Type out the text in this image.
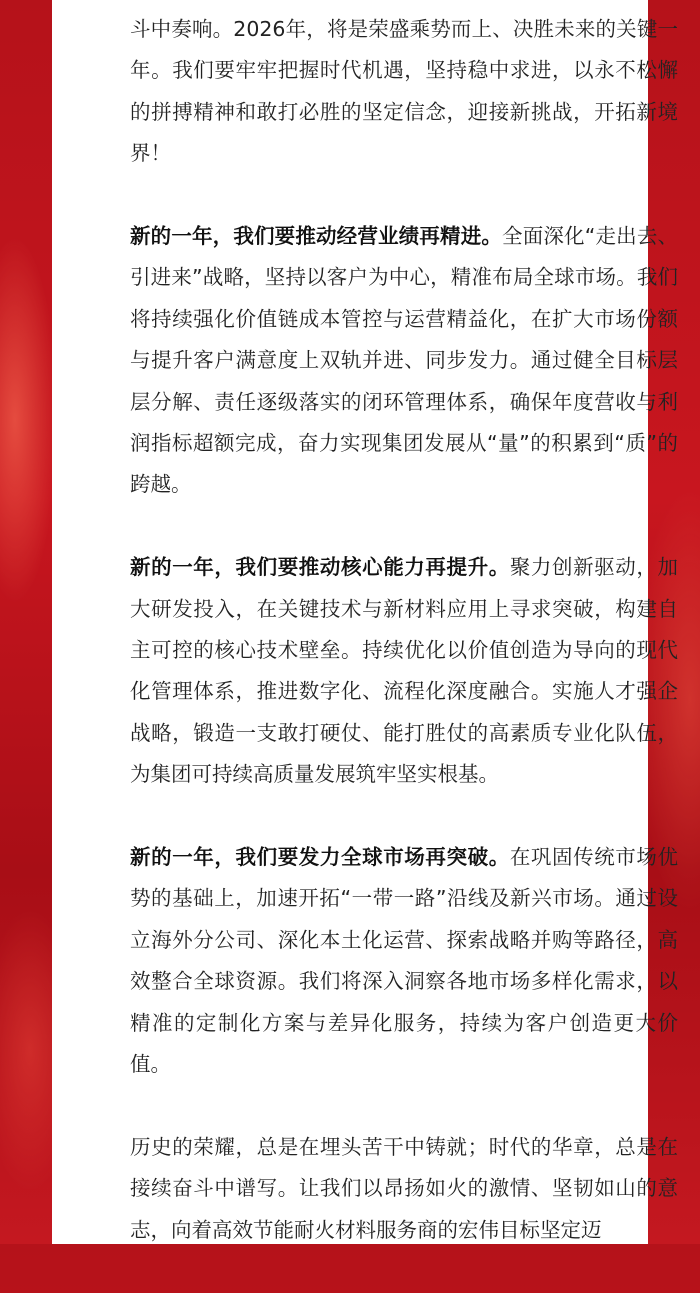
斗中奏响。2026年，将是荣盛乘势而上、决胜未来的关键一年。我们要牢牢把握时代机遇，坚持稳中求进，以永不松懈的拼搏精神和敢打必胜的坚定信念，迎接新挑战，开拓新境界！

新的一年，我们要推动经营业绩再精进。全面深化“走出去、引进来”战略，坚持以客户为中心，精准布局全球市场。我们将持续强化价值链成本管控与运营精益化，在扩大市场份额与提升客户满意度上双轨并进、同步发力。通过健全目标层层分解、责任逐级落实的闭环管理体系，确保年度营收与利润指标超额完成，奋力实现集团发展从“量”的积累到“质”的跨越。

新的一年，我们要推动核心能力再提升。聚力创新驱动，加大研发投入，在关键技术与新材料应用上寻求突破，构建自主可控的核心技术壁垒。持续优化以价值创造为导向的现代化管理体系，推进数字化、流程化深度融合。实施人才强企战略，锻造一支敢打硬仗、能打胜仗的高素质专业化队伍，为集团可持续高质量发展筑牢坚实根基。

新的一年，我们要发力全球市场再突破。在巩固传统市场优势的基础上，加速开拓“一带一路”沿线及新兴市场。通过设立海外分公司、深化本土化运营、探索战略并购等路径，高效整合全球资源。我们将深入洞察各地市场多样化需求，以精准的定制化方案与差异化服务，持续为客户创造更大价值。

历史的荣耀，总是在埋头苦干中铸就；时代的华章，总是在接续奋斗中谱写。让我们以昂扬如火的激情、坚韧如山的意志，向着高效节能耐火材料服务商的宏伟目标坚定迈
